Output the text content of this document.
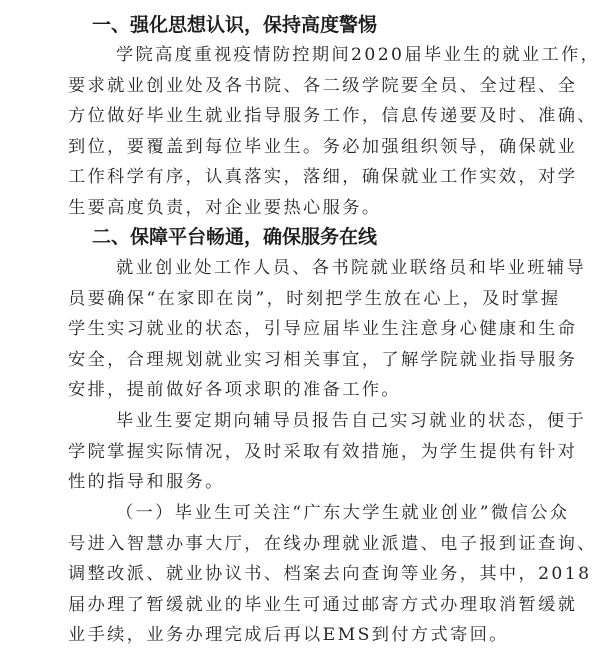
一、强化思想认识，保持高度警惕
学院高度重视疫情防控期间2020届毕业生的就业工作，
要求就业创业处及各书院、各二级学院要全员、全过程、全
方位做好毕业生就业指导服务工作，信息传递要及时、准确、
到位，要覆盖到每位毕业生。务必加强组织领导，确保就业
工作科学有序，认真落实，落细，确保就业工作实效，对学
生要高度负责，对企业要热心服务。
二、保障平台畅通，确保服务在线
就业创业处工作人员、各书院就业联络员和毕业班辅导
员要确保“在家即在岗”，时刻把学生放在心上，及时掌握
学生实习就业的状态，引导应届毕业生注意身心健康和生命
安全，合理规划就业实习相关事宜，了解学院就业指导服务
安排，提前做好各项求职的准备工作。
毕业生要定期向辅导员报告自己实习就业的状态，便于
学院掌握实际情况，及时采取有效措施，为学生提供有针对
性的指导和服务。
（一）毕业生可关注“广东大学生就业创业”微信公众
号进入智慧办事大厅，在线办理就业派遣、电子报到证查询、
调整改派、就业协议书、档案去向查询等业务，其中，2018
届办理了暂缓就业的毕业生可通过邮寄方式办理取消暂缓就
业手续，业务办理完成后再以EMS到付方式寄回。
